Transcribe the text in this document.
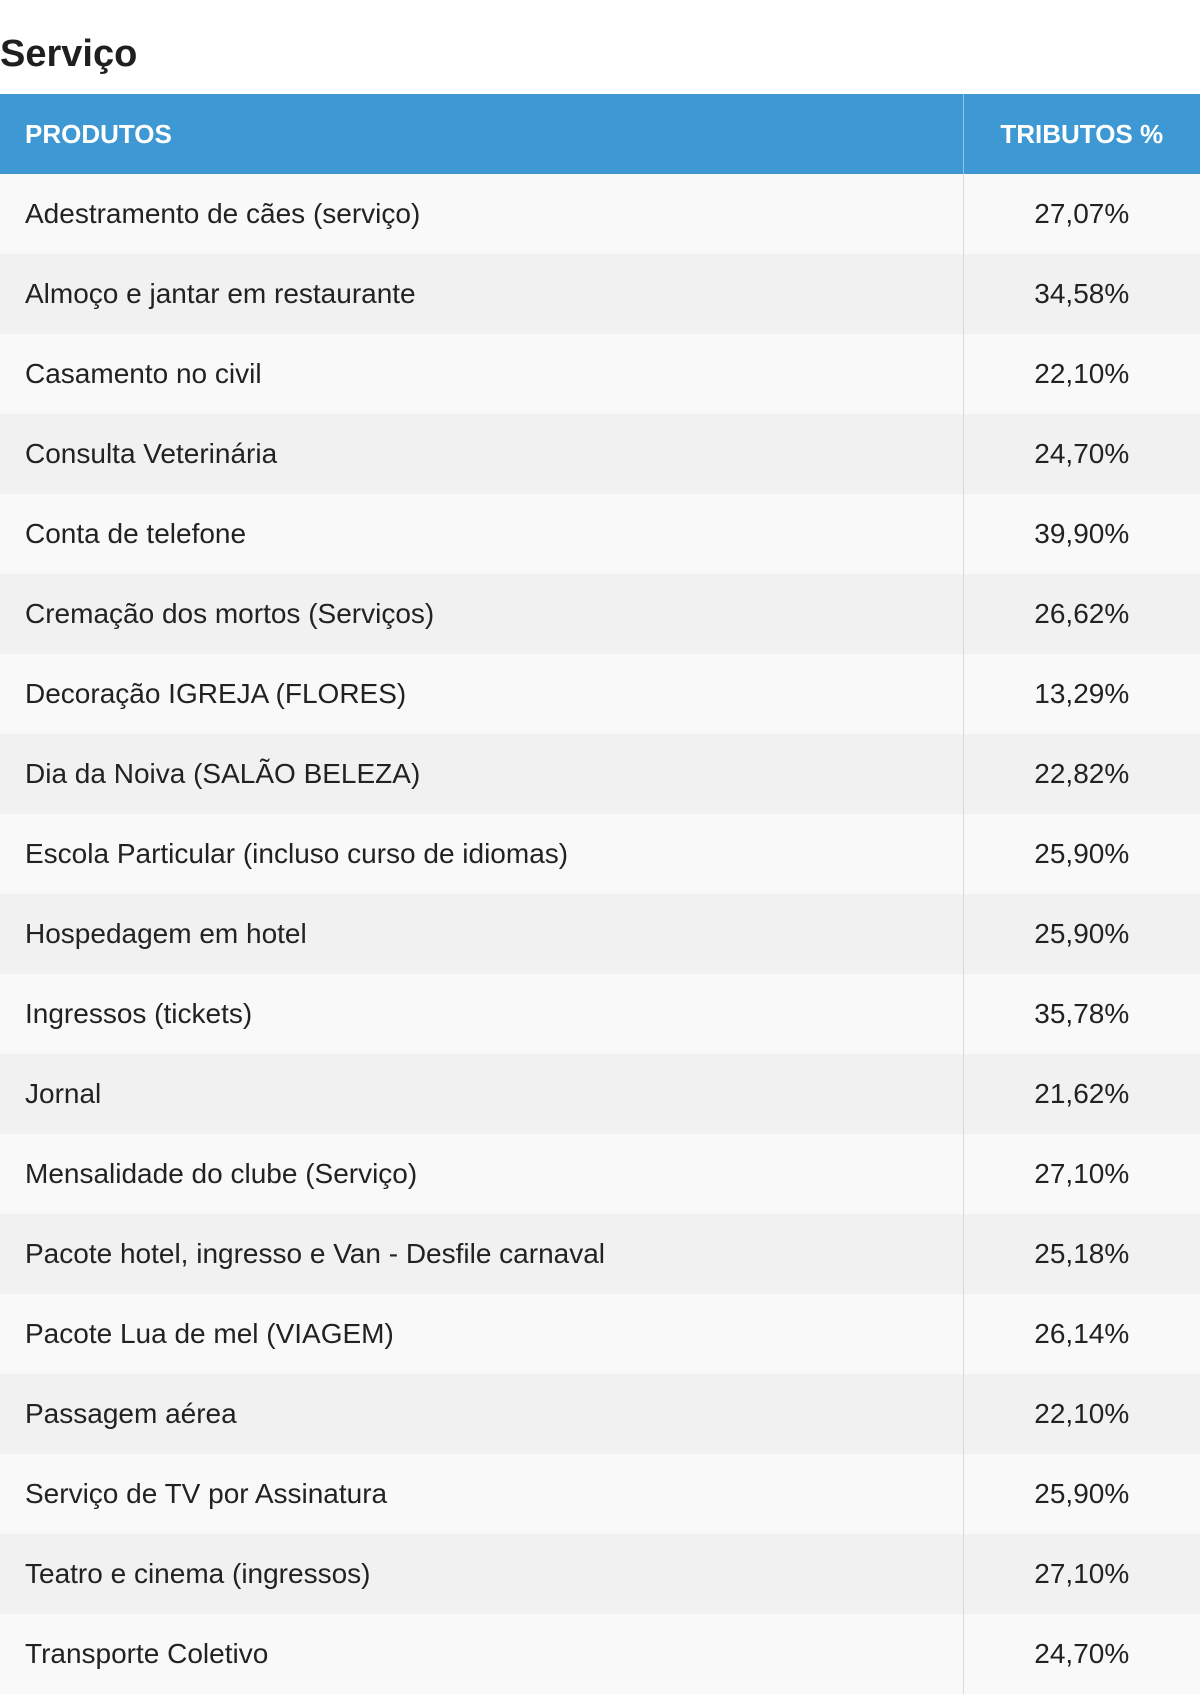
Serviço
PRODUTOS	TRIBUTOS %
Adestramento de cães (serviço)	27,07%
Almoço e jantar em restaurante	34,58%
Casamento no civil	22,10%
Consulta Veterinária	24,70%
Conta de telefone	39,90%
Cremação dos mortos (Serviços)	26,62%
Decoração IGREJA (FLORES)	13,29%
Dia da Noiva (SALÃO BELEZA)	22,82%
Escola Particular (incluso curso de idiomas)	25,90%
Hospedagem em hotel	25,90%
Ingressos (tickets)	35,78%
Jornal	21,62%
Mensalidade do clube (Serviço)	27,10%
Pacote hotel, ingresso e Van - Desfile carnaval	25,18%
Pacote Lua de mel (VIAGEM)	26,14%
Passagem aérea	22,10%
Serviço de TV por Assinatura	25,90%
Teatro e cinema (ingressos)	27,10%
Transporte Coletivo	24,70%
